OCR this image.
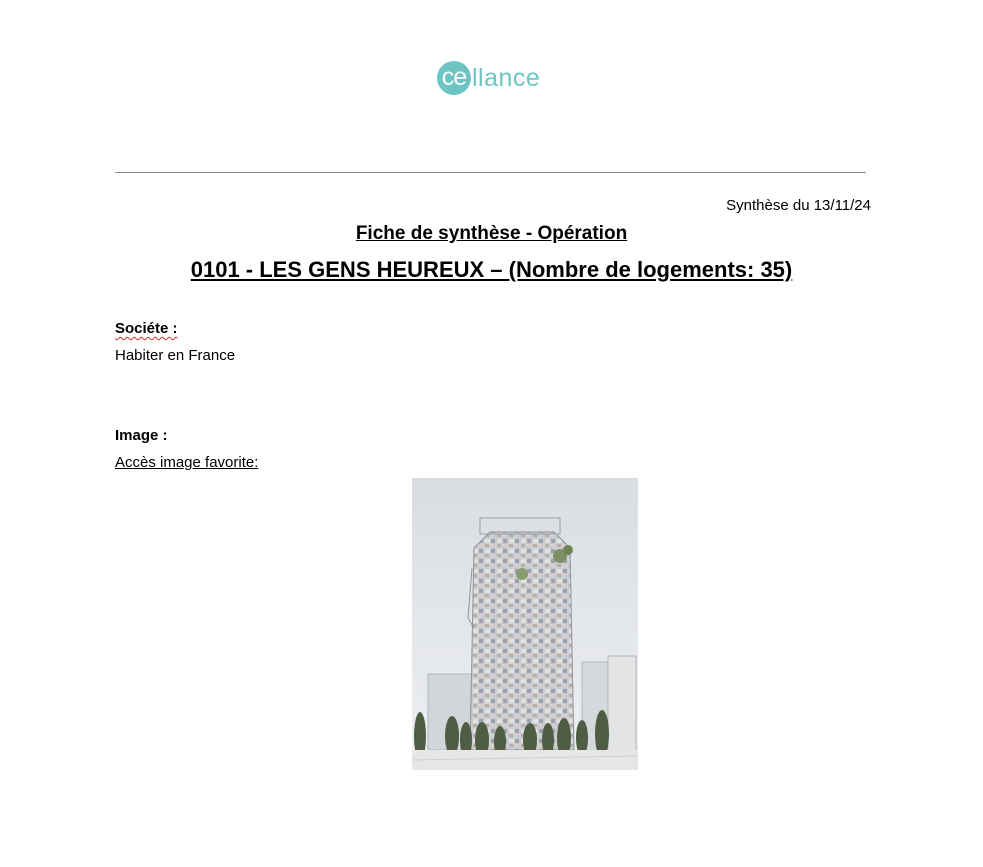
ce llance
Synthèse du 13/11/24
Fiche de synthèse - Opération
0101 - LES GENS HEUREUX – (Nombre de logements: 35)
Sociéte :
Habiter en France
Image :
Accès image favorite:
